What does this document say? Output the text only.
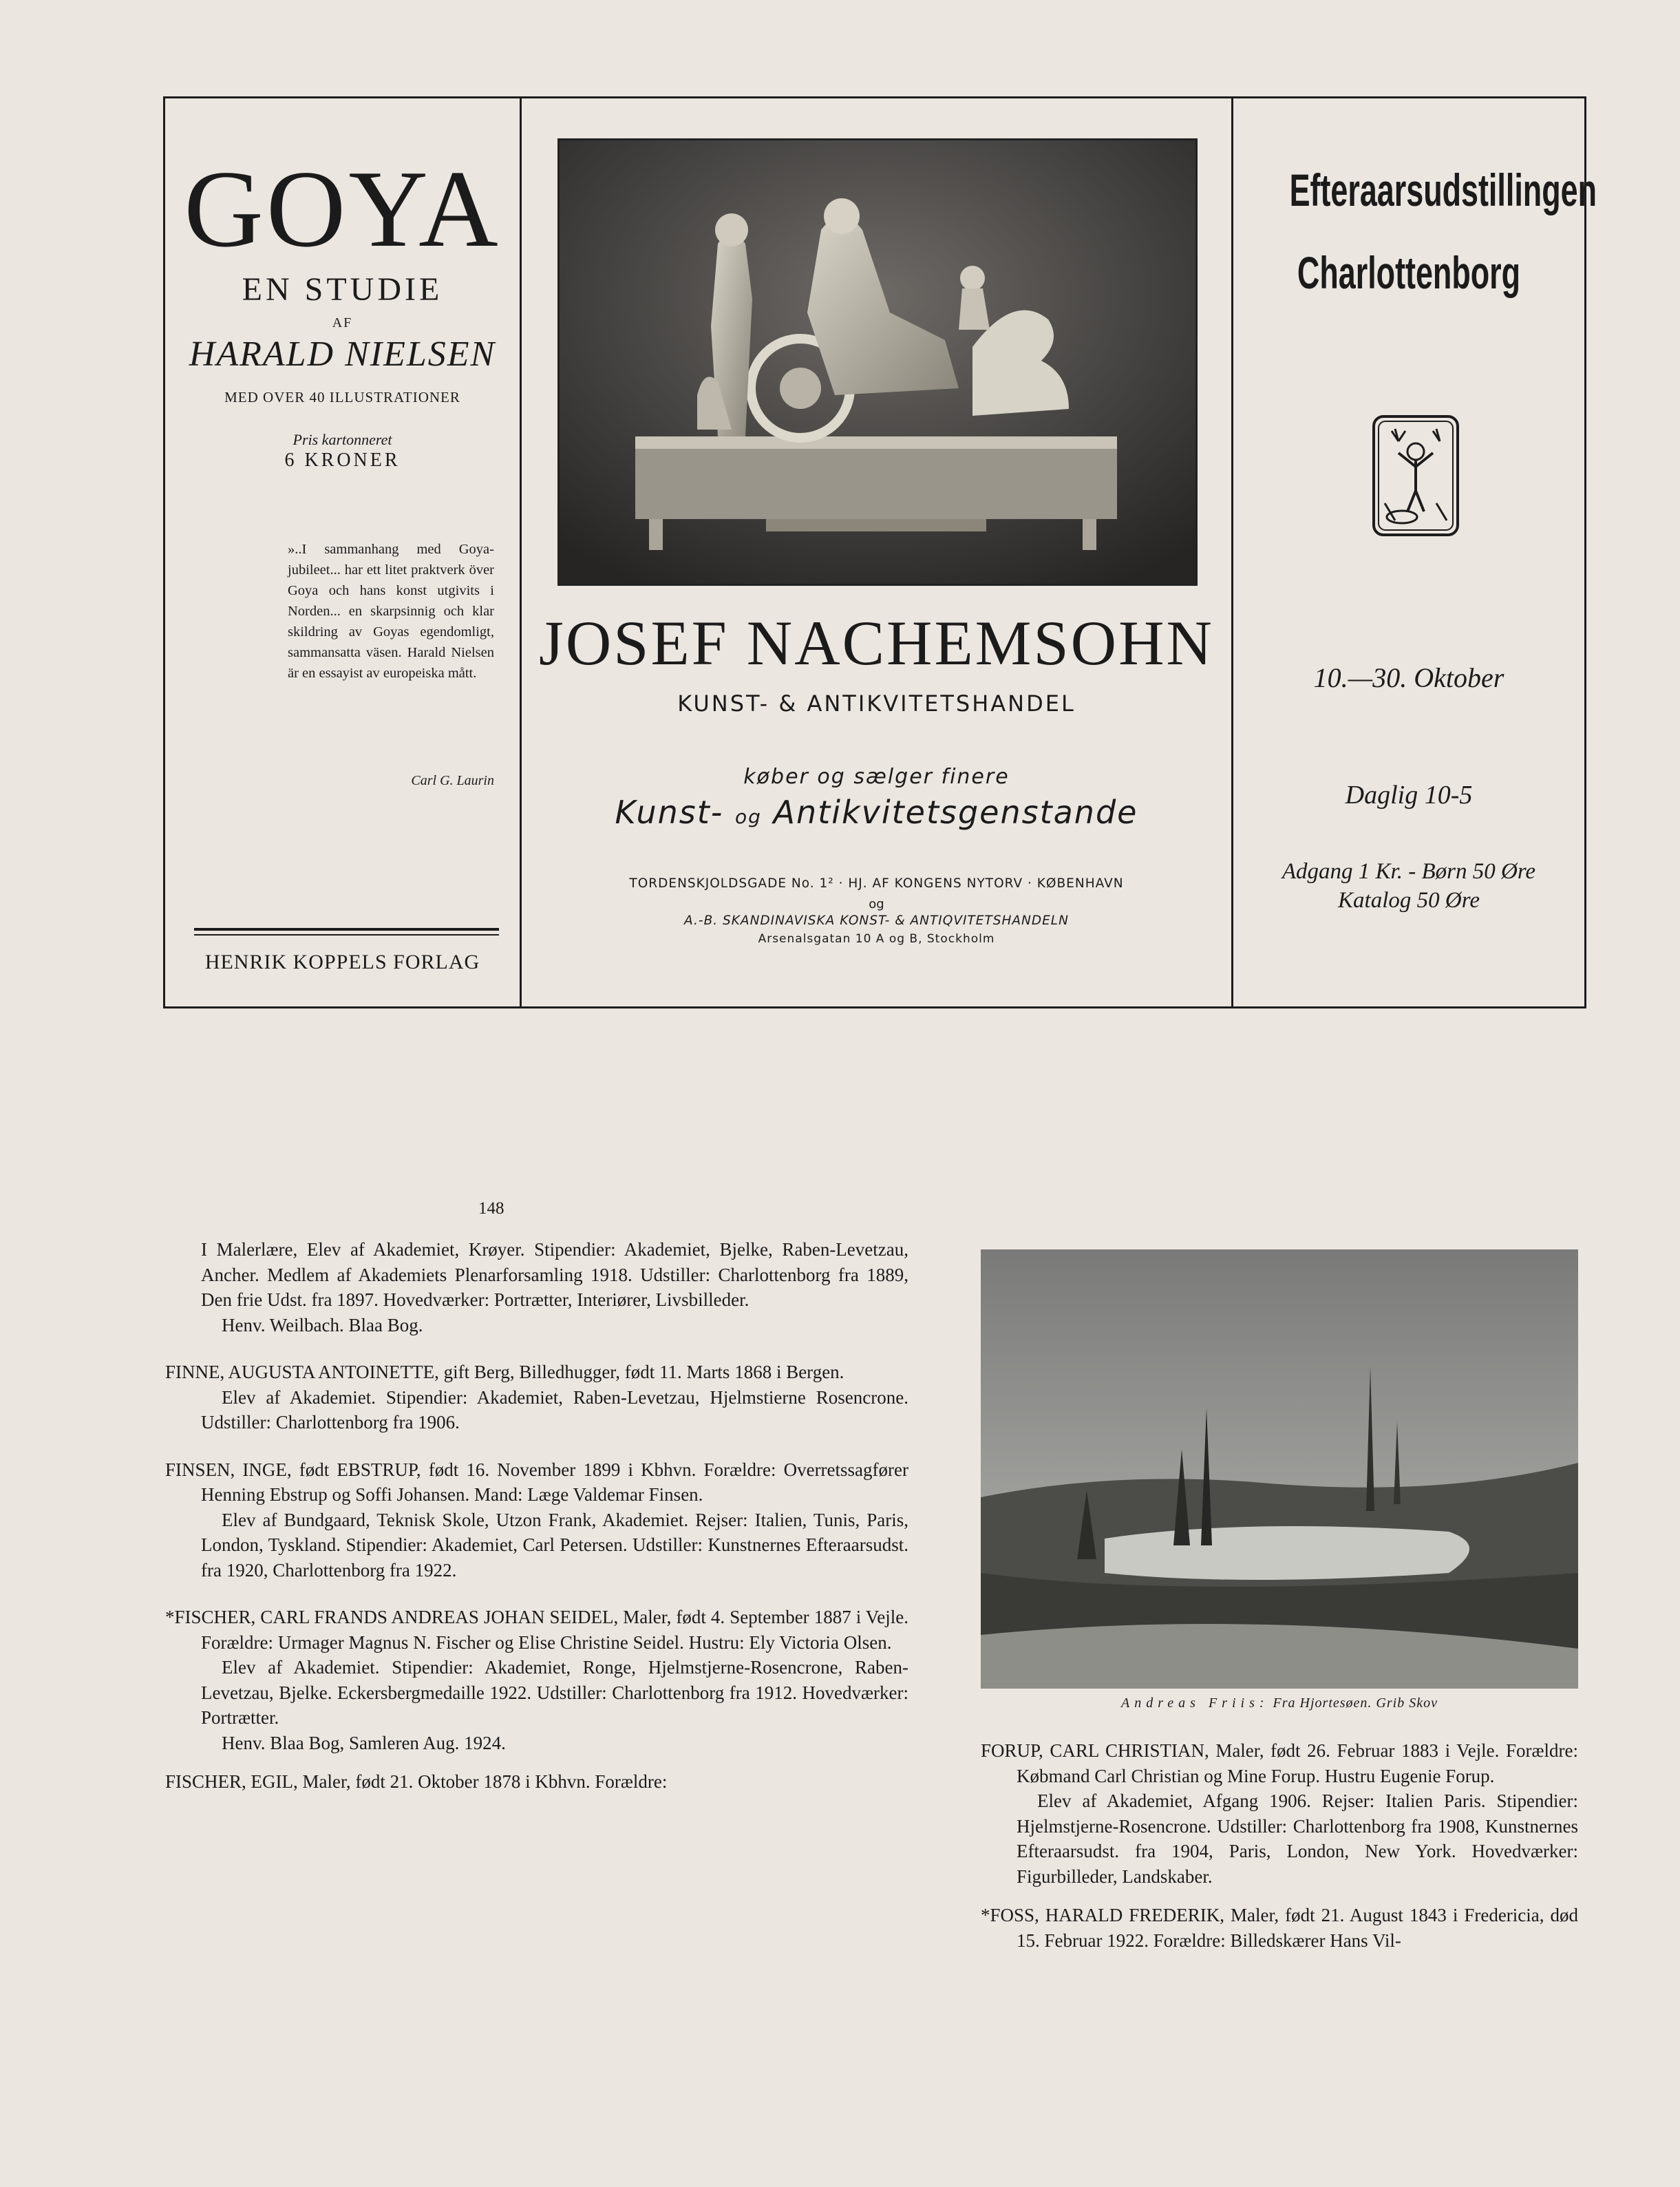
GOYA
EN STUDIE
AF
HARALD NIELSEN
MED OVER 40 ILLUSTRATIONER
Pris kartonneret
6 KRONER
»..I sammanhang med Goya-jubileet... har ett litet praktverk över Goya och hans konst utgivits i Norden... en skarpsinnig och klar skildring av Goyas egendomligt, sammansatta väsen. Harald Nielsen är en essayist av europeiska mått.
Carl G. Laurin
HENRIK KOPPELS FORLAG
JOSEF NACHEMSOHN
KUNST- & ANTIKVITETSHANDEL
køber og sælger finere
Kunst- og Antikvitetsgenstande
TORDENSKJOLDSGADE No. 1² · HJ. AF KONGENS NYTORV · KØBENHAVN
og
A.-B. SKANDINAVISKA KONST- & ANTIQVITETSHANDELN
Arsenalsgatan 10 A og B, Stockholm
Efteraarsudstillingen
Charlottenborg
10.—30. Oktober
Daglig 10-5
Adgang 1 Kr. - Børn 50 Øre
Katalog 50 Øre
148

I Malerlære, Elev af Akademiet, Krøyer. Stipendier: Akademiet, Bjelke, Raben-Levetzau, Ancher. Medlem af Akademiets Plenarforsamling 1918. Udstiller: Charlottenborg fra 1889, Den frie Udst. fra 1897. Hovedværker: Portrætter, Interiører, Livsbilleder.

Henv. Weilbach. Blaa Bog.

FINNE, AUGUSTA ANTOINETTE, gift Berg, Billedhugger, født 11. Marts 1868 i Bergen.

Elev af Akademiet. Stipendier: Akademiet, Raben-Levetzau, Hjelmstierne Rosencrone. Udstiller: Charlottenborg fra 1906.

FINSEN, INGE, født EBSTRUP, født 16. November 1899 i Kbhvn. Forældre: Overretssagfører Henning Ebstrup og Soffi Johansen. Mand: Læge Valdemar Finsen.

Elev af Bundgaard, Teknisk Skole, Utzon Frank, Akademiet. Rejser: Italien, Tunis, Paris, London, Tyskland. Stipendier: Akademiet, Carl Petersen. Udstiller: Kunstnernes Efteraarsudst. fra 1920, Charlottenborg fra 1922.

*FISCHER, CARL FRANDS ANDREAS JOHAN SEIDEL, Maler, født 4. September 1887 i Vejle. Forældre: Urmager Magnus N. Fischer og Elise Christine Seidel. Hustru: Ely Victoria Olsen.

Elev af Akademiet. Stipendier: Akademiet, Ronge, Hjelmstjerne-Rosencrone, Raben-Levetzau, Bjelke. Eckersbergmedaille 1922. Udstiller: Charlottenborg fra 1912. Hovedværker: Portrætter.

Henv. Blaa Bog, Samleren Aug. 1924.

FISCHER, EGIL, Maler, født 21. Oktober 1878 i Kbhvn. Forældre:

Andreas Friis: Fra Hjortesøen. Grib Skov

FORUP, CARL CHRISTIAN, Maler, født 26. Februar 1883 i Vejle. Forældre: Købmand Carl Christian og Mine Forup. Hustru Eugenie Forup.

Elev af Akademiet, Afgang 1906. Rejser: Italien Paris. Stipendier: Hjelmstjerne-Rosencrone. Udstiller: Charlottenborg fra 1908, Kunstnernes Efteraarsudst. fra 1904, Paris, London, New York. Hovedværker: Figurbilleder, Landskaber.

*FOSS, HARALD FREDERIK, Maler, født 21. August 1843 i Fredericia, død 15. Februar 1922. Forældre: Billedskærer Hans Vil-
